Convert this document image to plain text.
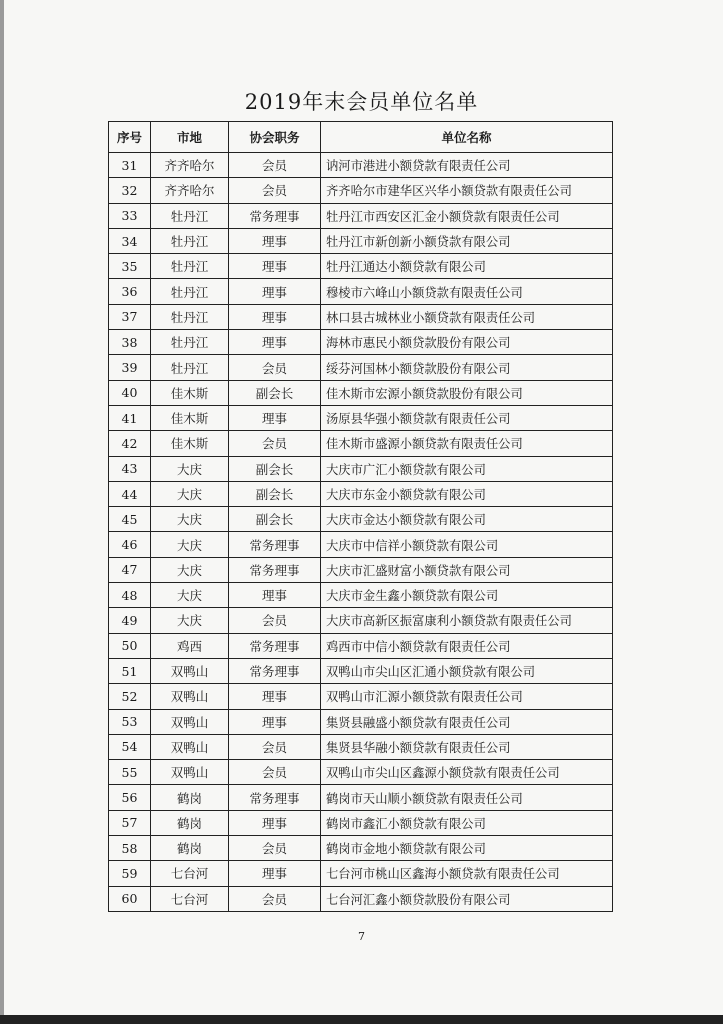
2019年末会员单位名单
序号	市地	协会职务	单位名称
31	齐齐哈尔	会员	讷河市港进小额贷款有限责任公司
32	齐齐哈尔	会员	齐齐哈尔市建华区兴华小额贷款有限责任公司
33	牡丹江	常务理事	牡丹江市西安区汇金小额贷款有限责任公司
34	牡丹江	理事	牡丹江市新创新小额贷款有限公司
35	牡丹江	理事	牡丹江通达小额贷款有限公司
36	牡丹江	理事	穆棱市六峰山小额贷款有限责任公司
37	牡丹江	理事	林口县古城林业小额贷款有限责任公司
38	牡丹江	理事	海林市惠民小额贷款股份有限公司
39	牡丹江	会员	绥芬河国林小额贷款股份有限公司
40	佳木斯	副会长	佳木斯市宏源小额贷款股份有限公司
41	佳木斯	理事	汤原县华强小额贷款有限责任公司
42	佳木斯	会员	佳木斯市盛源小额贷款有限责任公司
43	大庆	副会长	大庆市广汇小额贷款有限公司
44	大庆	副会长	大庆市东金小额贷款有限公司
45	大庆	副会长	大庆市金达小额贷款有限公司
46	大庆	常务理事	大庆市中信祥小额贷款有限公司
47	大庆	常务理事	大庆市汇盛财富小额贷款有限公司
48	大庆	理事	大庆市金生鑫小额贷款有限公司
49	大庆	会员	大庆市高新区振富康利小额贷款有限责任公司
50	鸡西	常务理事	鸡西市中信小额贷款有限责任公司
51	双鸭山	常务理事	双鸭山市尖山区汇通小额贷款有限公司
52	双鸭山	理事	双鸭山市汇源小额贷款有限责任公司
53	双鸭山	理事	集贤县融盛小额贷款有限责任公司
54	双鸭山	会员	集贤县华融小额贷款有限责任公司
55	双鸭山	会员	双鸭山市尖山区鑫源小额贷款有限责任公司
56	鹤岗	常务理事	鹤岗市天山顺小额贷款有限责任公司
57	鹤岗	理事	鹤岗市鑫汇小额贷款有限公司
58	鹤岗	会员	鹤岗市金地小额贷款有限公司
59	七台河	理事	七台河市桃山区鑫海小额贷款有限责任公司
60	七台河	会员	七台河汇鑫小额贷款股份有限公司
7
